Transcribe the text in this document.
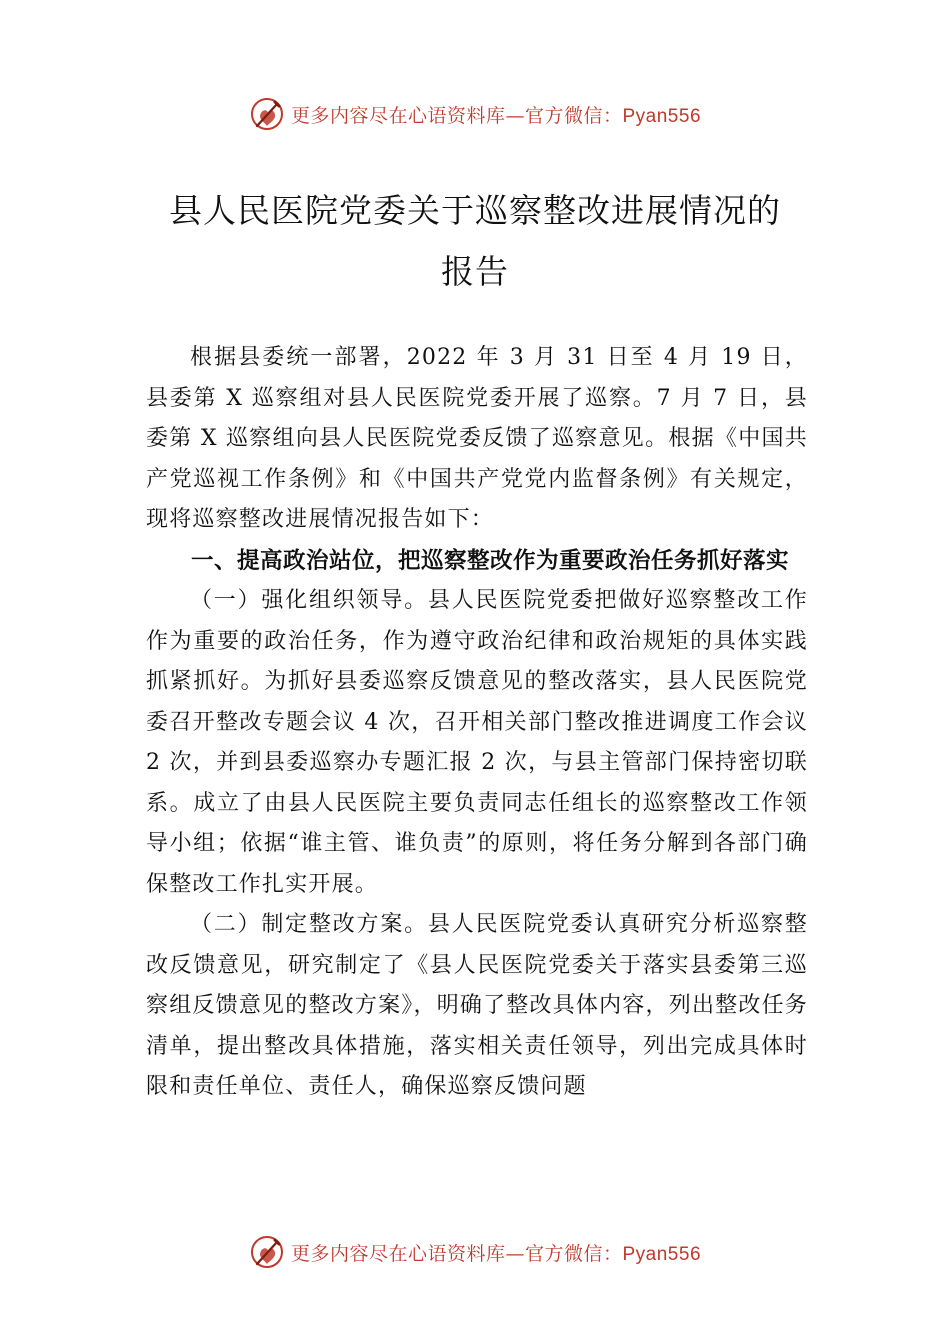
更多内容尽在心语资料库—官方微信：Pyan556
县人民医院党委关于巡察整改进展情况的
报告

根据县委统一部署，2022 年 3 月 31 日至 4 月 19 日，县委第 X 巡察组对县人民医院党委开展了巡察。7 月 7 日，县委第 X 巡察组向县人民医院党委反馈了巡察意见。根据《中国共产党巡视工作条例》和《中国共产党党内监督条例》有关规定，现将巡察整改进展情况报告如下：

一、提高政治站位，把巡察整改作为重要政治任务抓好落实

（一）强化组织领导。县人民医院党委把做好巡察整改工作作为重要的政治任务，作为遵守政治纪律和政治规矩的具体实践抓紧抓好。为抓好县委巡察反馈意见的整改落实，县人民医院党委召开整改专题会议 4 次，召开相关部门整改推进调度工作会议 2 次，并到县委巡察办专题汇报 2 次，与县主管部门保持密切联系。成立了由县人民医院主要负责同志任组长的巡察整改工作领导小组；依据“谁主管、谁负责”的原则，将任务分解到各部门确保整改工作扎实开展。

（二）制定整改方案。县人民医院党委认真研究分析巡察整改反馈意见，研究制定了《县人民医院党委关于落实县委第三巡察组反馈意见的整改方案》，明确了整改具体内容，列出整改任务清单，提出整改具体措施，落实相关责任领导，列出完成具体时限和责任单位、责任人，确保巡察反馈问题

更多内容尽在心语资料库—官方微信：Pyan556
